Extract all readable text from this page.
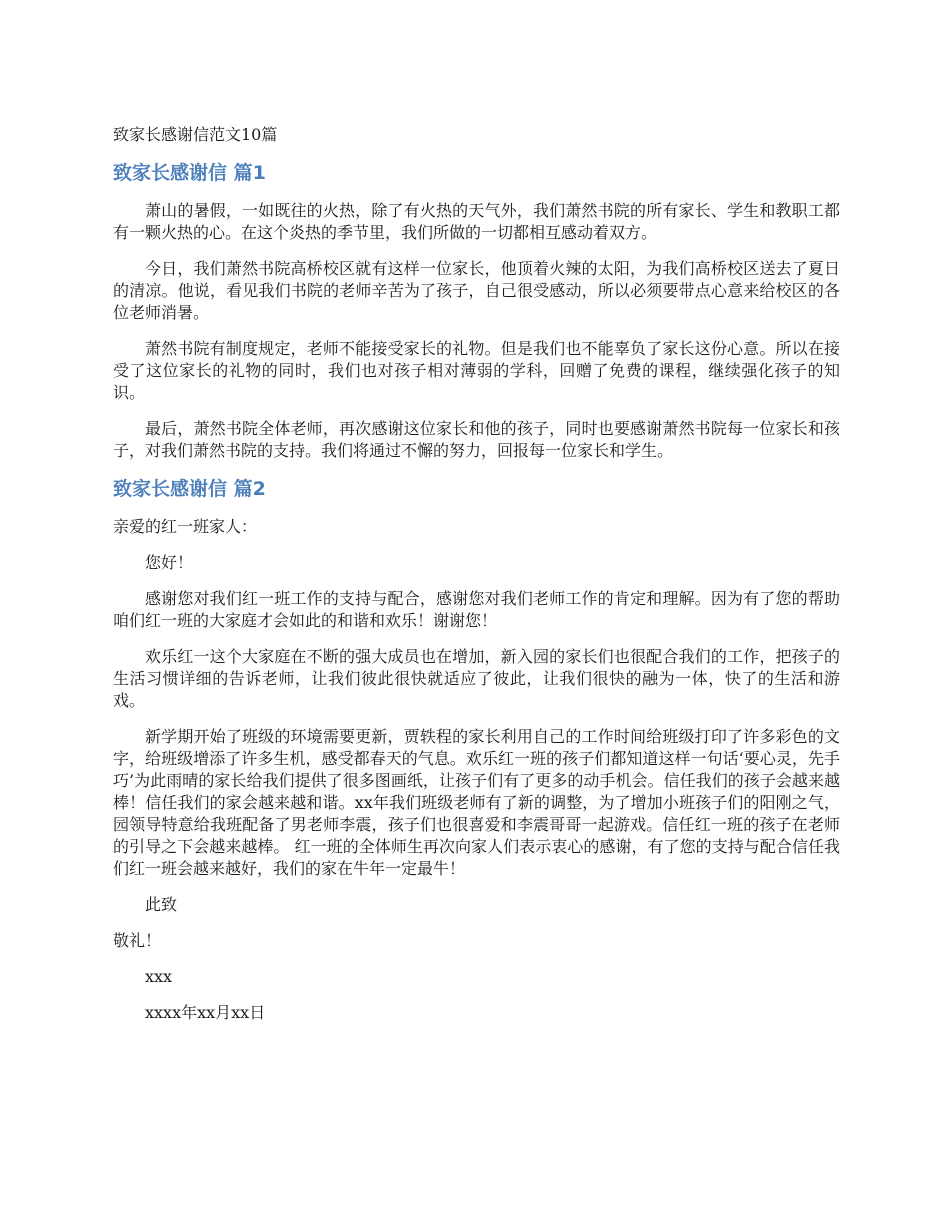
致家长感谢信范文10篇
致家长感谢信 篇1

萧山的暑假，一如既往的火热，除了有火热的天气外，我们萧然书院的所有家长、学生和教职工都有一颗火热的心。在这个炎热的季节里，我们所做的一切都相互感动着双方。

今日，我们萧然书院高桥校区就有这样一位家长，他顶着火辣的太阳，为我们高桥校区送去了夏日的清凉。他说，看见我们书院的老师辛苦为了孩子，自己很受感动，所以必须要带点心意来给校区的各位老师消暑。

萧然书院有制度规定，老师不能接受家长的礼物。但是我们也不能辜负了家长这份心意。所以在接受了这位家长的礼物的同时，我们也对孩子相对薄弱的学科，回赠了免费的课程，继续强化孩子的知识。

最后，萧然书院全体老师，再次感谢这位家长和他的孩子，同时也要感谢萧然书院每一位家长和孩子，对我们萧然书院的支持。我们将通过不懈的努力，回报每一位家长和学生。

致家长感谢信 篇2

亲爱的红一班家人：

您好！

感谢您对我们红一班工作的支持与配合，感谢您对我们老师工作的肯定和理解。因为有了您的帮助咱们红一班的大家庭才会如此的和谐和欢乐！谢谢您！

欢乐红一这个大家庭在不断的强大成员也在增加，新入园的家长们也很配合我们的工作，把孩子的生活习惯详细的告诉老师，让我们彼此很快就适应了彼此，让我们很快的融为一体，快了的生活和游戏。

新学期开始了班级的环境需要更新，贾轶程的家长利用自己的工作时间给班级打印了许多彩色的文字，给班级增添了许多生机，感受都春天的气息。欢乐红一班的孩子们都知道这样一句话‘要心灵，先手巧’为此雨晴的家长给我们提供了很多图画纸，让孩子们有了更多的动手机会。信任我们的孩子会越来越棒！信任我们的家会越来越和谐。xx年我们班级老师有了新的调整，为了增加小班孩子们的阳刚之气，园领导特意给我班配备了男老师李震，孩子们也很喜爱和李震哥哥一起游戏。信任红一班的孩子在老师的引导之下会越来越棒。 红一班的全体师生再次向家人们表示衷心的感谢，有了您的支持与配合信任我们红一班会越来越好，我们的家在牛年一定最牛！

此致

敬礼！

xxx

xxxx年xx月xx日
